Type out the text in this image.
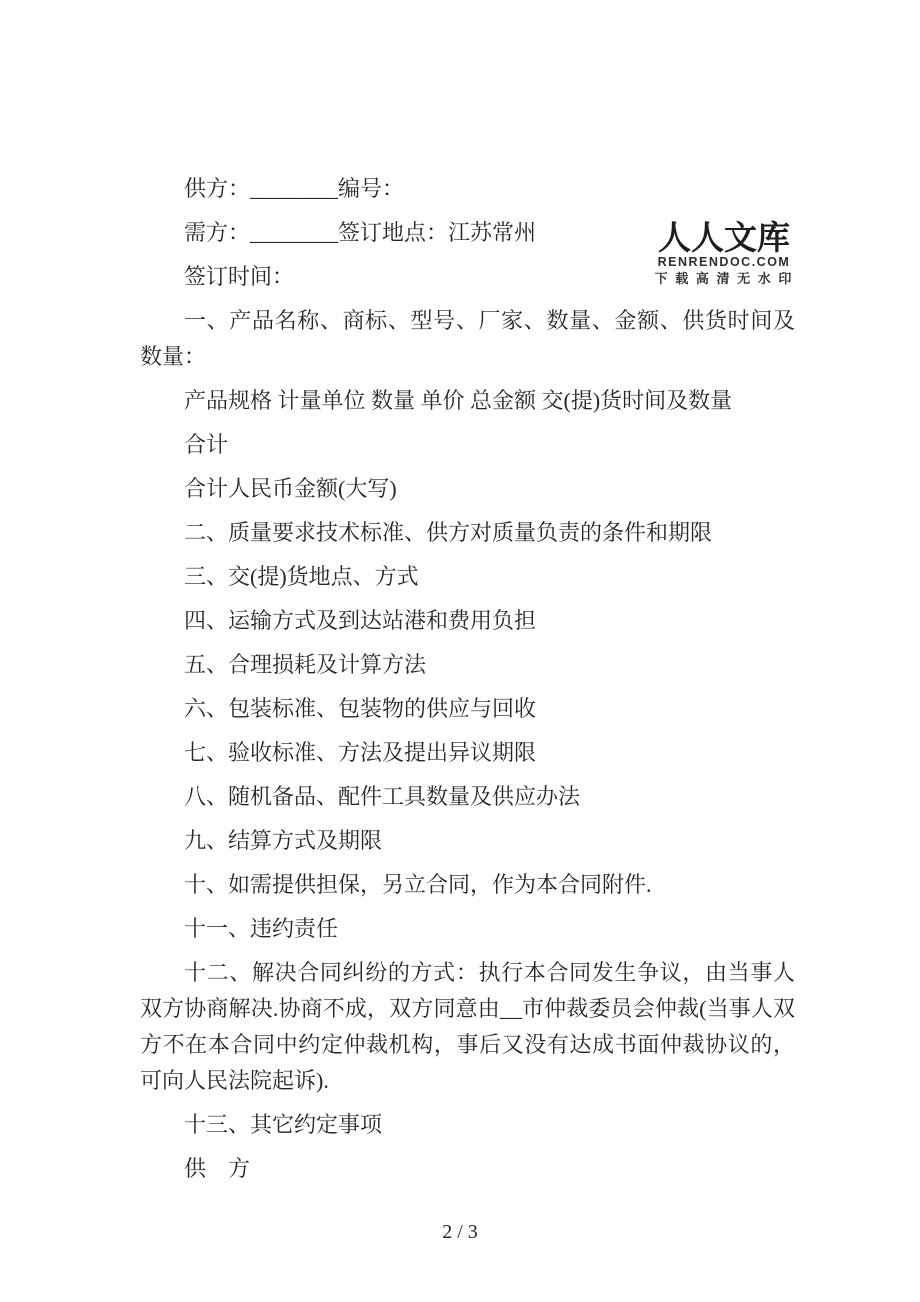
供方：________编号：

需方：________签订地点：江苏常州

签订时间：

一、产品名称、商标、型号、厂家、数量、金额、供货时间及数量：

产品规格 计量单位 数量 单价 总金额 交(提)货时间及数量

合计

合计人民币金额(大写)

二、质量要求技术标准、供方对质量负责的条件和期限

三、交(提)货地点、方式

四、运输方式及到达站港和费用负担

五、合理损耗及计算方法

六、包装标准、包装物的供应与回收

七、验收标准、方法及提出异议期限

八、随机备品、配件工具数量及供应办法

九、结算方式及期限

十、如需提供担保，另立合同，作为本合同附件.

十一、违约责任

十二、解决合同纠纷的方式：执行本合同发生争议，由当事人双方协商解决.协商不成，双方同意由__市仲裁委员会仲裁(当事人双方不在本合同中约定仲裁机构，事后又没有达成书面仲裁协议的，可向人民法院起诉).

十三、其它约定事项

供　方

人人文库
RENRENDOC.COM
下 载 高 清 无 水 印
2 / 3
